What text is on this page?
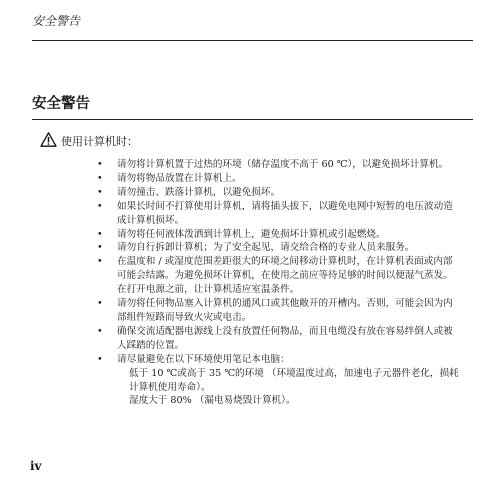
安全警告
安全警告
使用计算机时：
• 请勿将计算机置于过热的环境（储存温度不高于 60 ℃），以避免损坏计算机。
• 请勿将物品放置在计算机上。
• 请勿撞击、跌落计算机，以避免损坏。
• 如果长时间不打算使用计算机，请将插头拔下，以避免电网中短暂的电压波动造成计算机损坏。
• 请勿将任何液体泼洒到计算机上，避免损坏计算机或引起燃烧。
• 请勿自行拆卸计算机；为了安全起见，请交给合格的专业人员来服务。
• 在温度和 / 或湿度范围差距很大的环境之间移动计算机时，在计算机表面或内部可能会结露。为避免损坏计算机，在使用之前应等待足够的时间以便湿气蒸发。在打开电源之前，让计算机适应室温条件。
• 请勿将任何物品塞入计算机的通风口或其他敞开的开槽内。否则，可能会因为内部组件短路而导致火灾或电击。
• 确保交流适配器电源线上没有放置任何物品，而且电缆没有放在容易绊倒人或被人踩踏的位置。
• 请尽量避免在以下环境使用笔记本电脑：
低于 10 ℃或高于 35 ℃的环境 （环境温度过高，加速电子元器件老化，损耗计算机使用寿命）。
湿度大于 80% （漏电易烧毁计算机）。
iv
